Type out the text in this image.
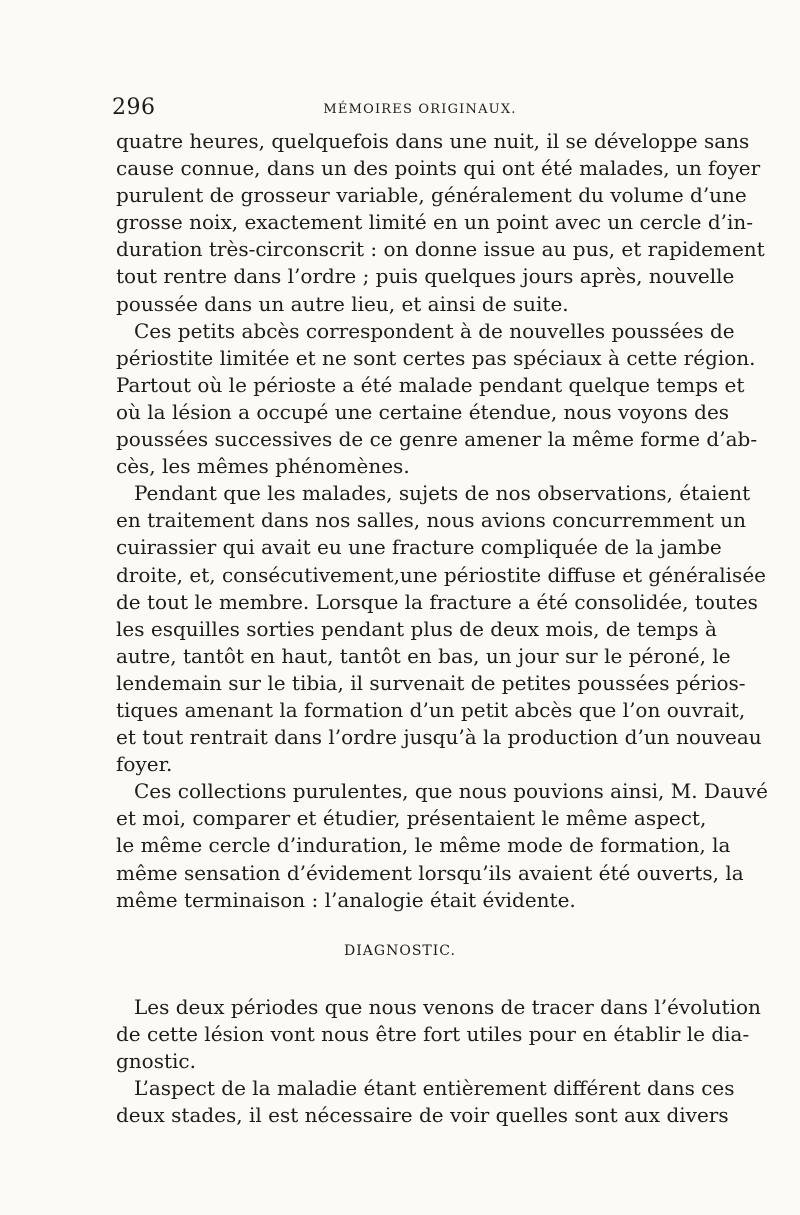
296	MÉMOIRES ORIGINAUX.
quatre heures, quelquefois dans une nuit, il se développe sans
cause connue, dans un des points qui ont été malades, un foyer
purulent de grosseur variable, généralement du volume d’une
grosse noix, exactement limité en un point avec un cercle d’in-
duration très-circonscrit : on donne issue au pus, et rapidement
tout rentre dans l’ordre ; puis quelques jours après, nouvelle
poussée dans un autre lieu, et ainsi de suite.
Ces petits abcès correspondent à de nouvelles poussées de
périostite limitée et ne sont certes pas spéciaux à cette région.
Partout où le périoste a été malade pendant quelque temps et
où la lésion a occupé une certaine étendue, nous voyons des
poussées successives de ce genre amener la même forme d’ab-
cès, les mêmes phénomènes.
Pendant que les malades, sujets de nos observations, étaient
en traitement dans nos salles, nous avions concurremment un
cuirassier qui avait eu une fracture compliquée de la jambe
droite, et, consécutivement,une périostite diffuse et généralisée
de tout le membre. Lorsque la fracture a été consolidée, toutes
les esquilles sorties pendant plus de deux mois, de temps à
autre, tantôt en haut, tantôt en bas, un jour sur le péroné, le
lendemain sur le tibia, il survenait de petites poussées périos-
tiques amenant la formation d’un petit abcès que l’on ouvrait,
et tout rentrait dans l’ordre jusqu’à la production d’un nouveau
foyer.
Ces collections purulentes, que nous pouvions ainsi, M. Dauvé
et moi, comparer et étudier, présentaient le même aspect,
le même cercle d’induration, le même mode de formation, la
même sensation d’évidement lorsqu’ils avaient été ouverts, la
même terminaison : l’analogie était évidente.
DIAGNOSTIC.
Les deux périodes que nous venons de tracer dans l’évolution
de cette lésion vont nous être fort utiles pour en établir le dia-
gnostic.
L’aspect de la maladie étant entièrement différent dans ces
deux stades, il est nécessaire de voir quelles sont aux divers
